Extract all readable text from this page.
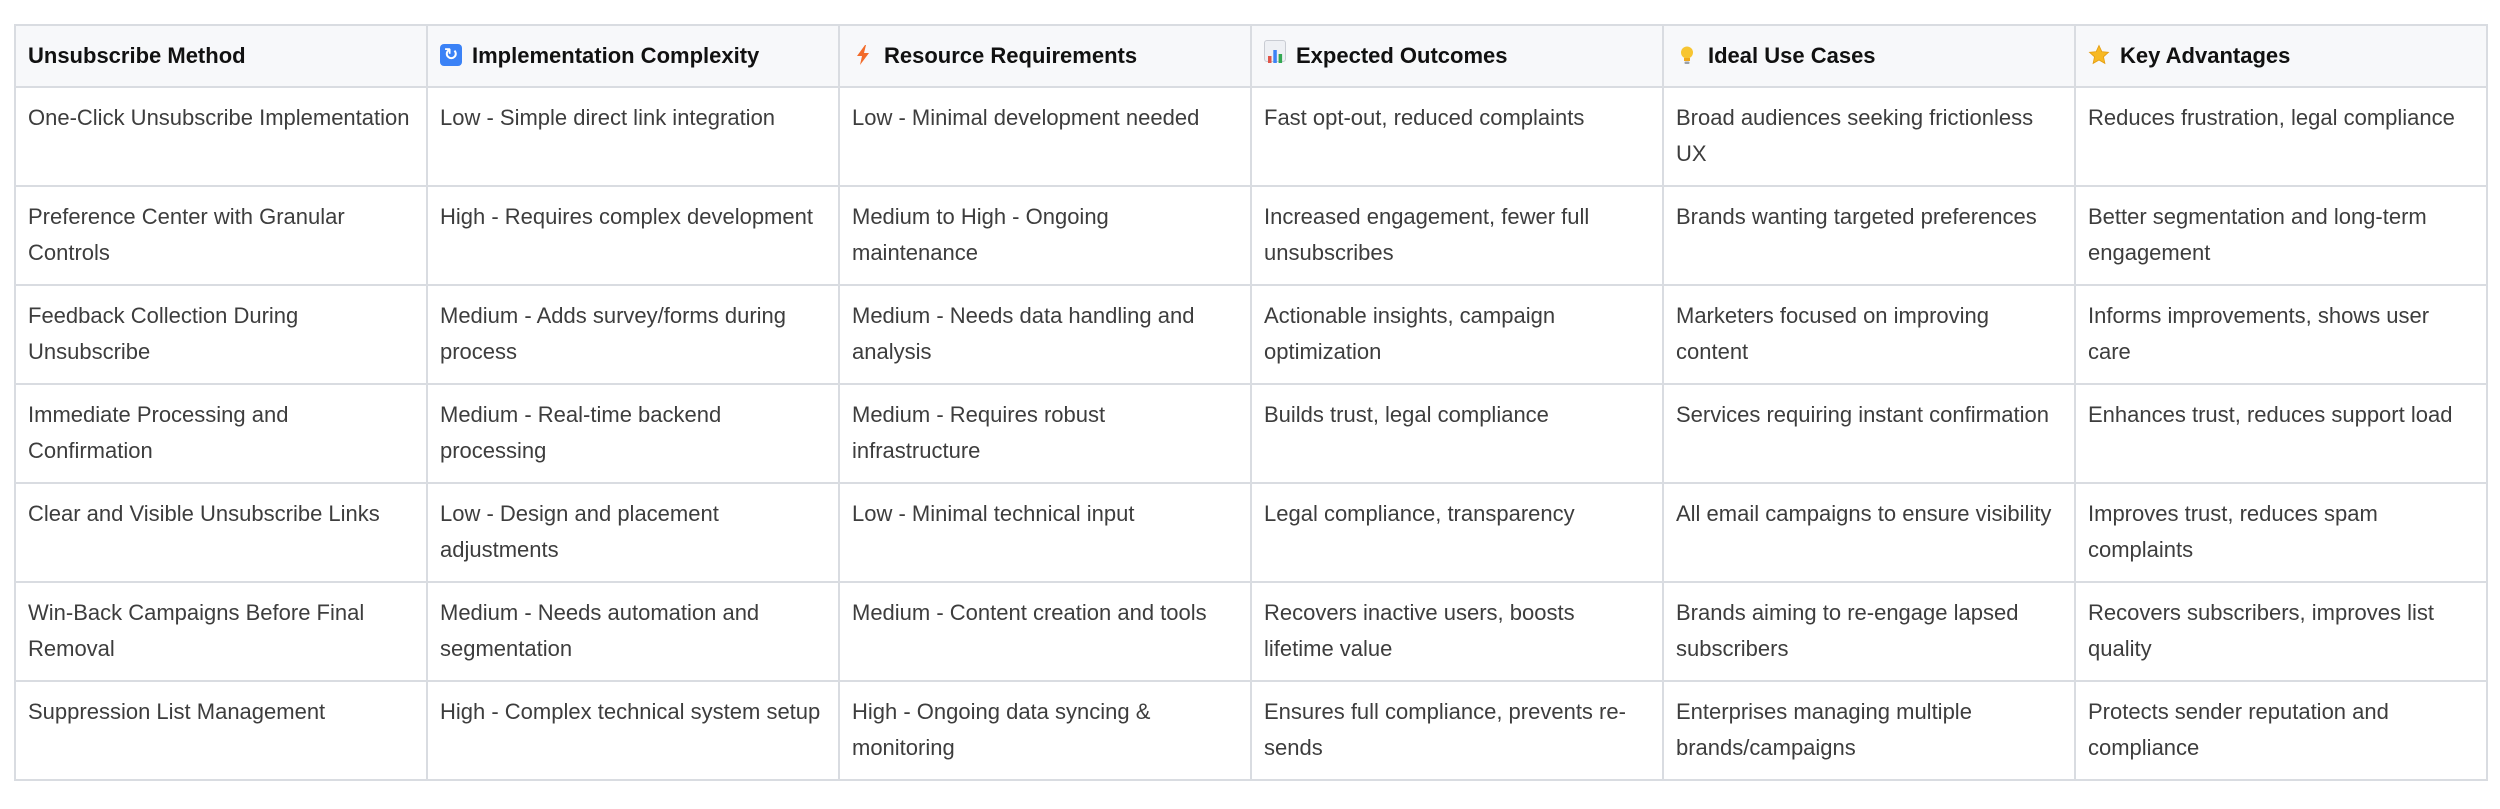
Unsubscribe Method	↻Implementation Complexity	Resource Requirements	Expected Outcomes	Ideal Use Cases	Key Advantages
One-Click Unsubscribe Implementation	Low - Simple direct link integration	Low - Minimal development needed	Fast opt-out, reduced complaints	Broad audiences seeking frictionless UX	Reduces frustration, legal compliance
Preference Center with Granular Controls	High - Requires complex development	Medium to High - Ongoing maintenance	Increased engagement, fewer full unsubscribes	Brands wanting targeted preferences	Better segmentation and long-term engagement
Feedback Collection During Unsubscribe	Medium - Adds survey/forms during process	Medium - Needs data handling and analysis	Actionable insights, campaign optimization	Marketers focused on improving content	Informs improvements, shows user care
Immediate Processing and Confirmation	Medium - Real-time backend processing	Medium - Requires robust infrastructure	Builds trust, legal compliance	Services requiring instant confirmation	Enhances trust, reduces support load
Clear and Visible Unsubscribe Links	Low - Design and placement adjustments	Low - Minimal technical input	Legal compliance, transparency	All email campaigns to ensure visibility	Improves trust, reduces spam complaints
Win-Back Campaigns Before Final Removal	Medium - Needs automation and segmentation	Medium - Content creation and tools	Recovers inactive users, boosts lifetime value	Brands aiming to re-engage lapsed subscribers	Recovers subscribers, improves list quality
Suppression List Management	High - Complex technical system setup	High - Ongoing data syncing & monitoring	Ensures full compliance, prevents re-sends	Enterprises managing multiple brands/campaigns	Protects sender reputation and compliance
